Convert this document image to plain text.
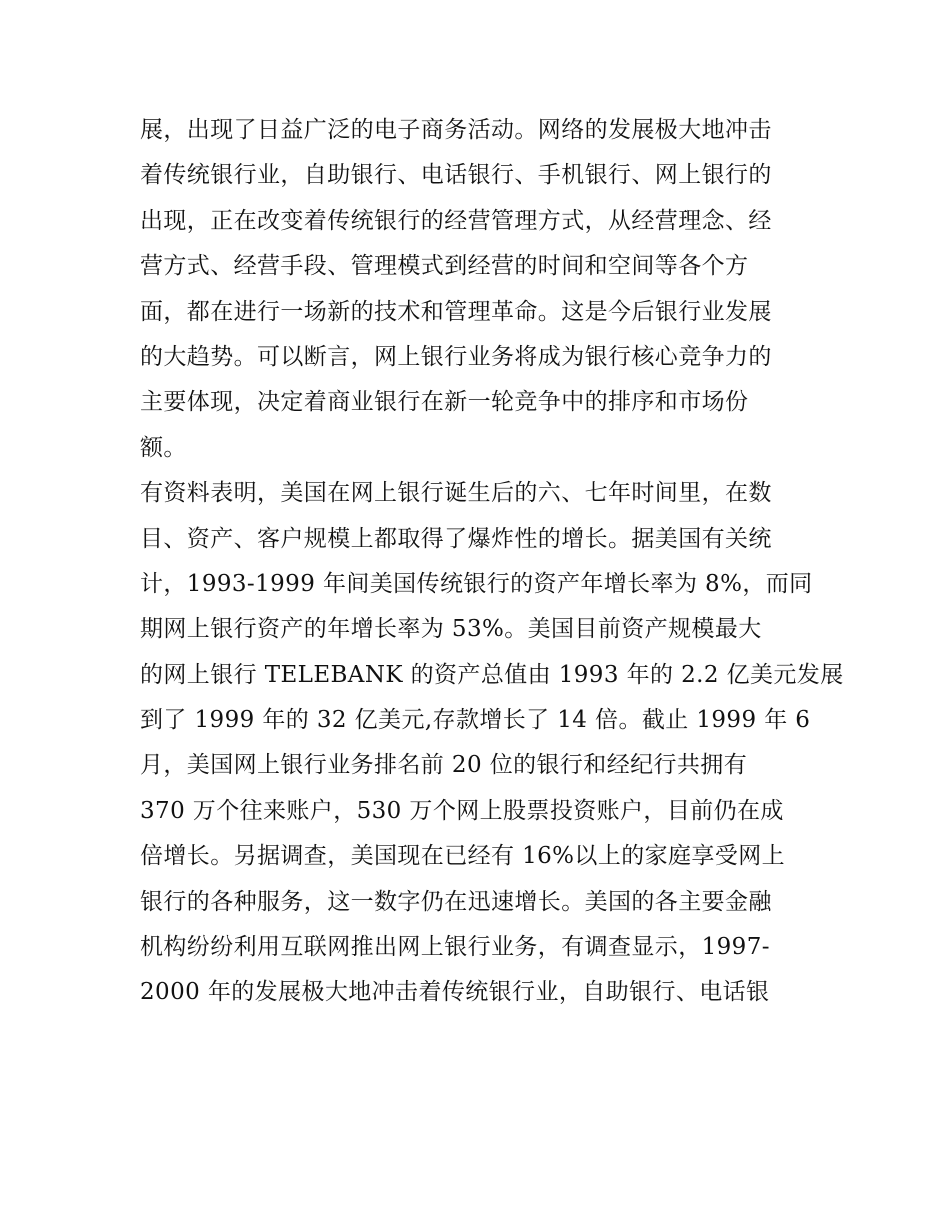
展，出现了日益广泛的电子商务活动。网络的发展极大地冲击
着传统银行业，自助银行、电话银行、手机银行、网上银行的
出现，正在改变着传统银行的经营管理方式，从经营理念、经
营方式、经营手段、管理模式到经营的时间和空间等各个方
面，都在进行一场新的技术和管理革命。这是今后银行业发展
的大趋势。可以断言，网上银行业务将成为银行核心竞争力的
主要体现，决定着商业银行在新一轮竞争中的排序和市场份
额。
有资料表明，美国在网上银行诞生后的六、七年时间里，在数
目、资产、客户规模上都取得了爆炸性的增长。据美国有关统
计，1993-1999 年间美国传统银行的资产年增长率为 8%，而同
期网上银行资产的年增长率为 53%。美国目前资产规模最大
的网上银行 TELEBANK 的资产总值由 1993 年的 2.2 亿美元发展
到了 1999 年的 32 亿美元,存款增长了 14 倍。截止 1999 年 6
月，美国网上银行业务排名前 20 位的银行和经纪行共拥有
370 万个往来账户，530 万个网上股票投资账户，目前仍在成
倍增长。另据调查，美国现在已经有 16%以上的家庭享受网上
银行的各种服务，这一数字仍在迅速增长。美国的各主要金融
机构纷纷利用互联网推出网上银行业务，有调查显示，1997-
2000 年的发展极大地冲击着传统银行业，自助银行、电话银
